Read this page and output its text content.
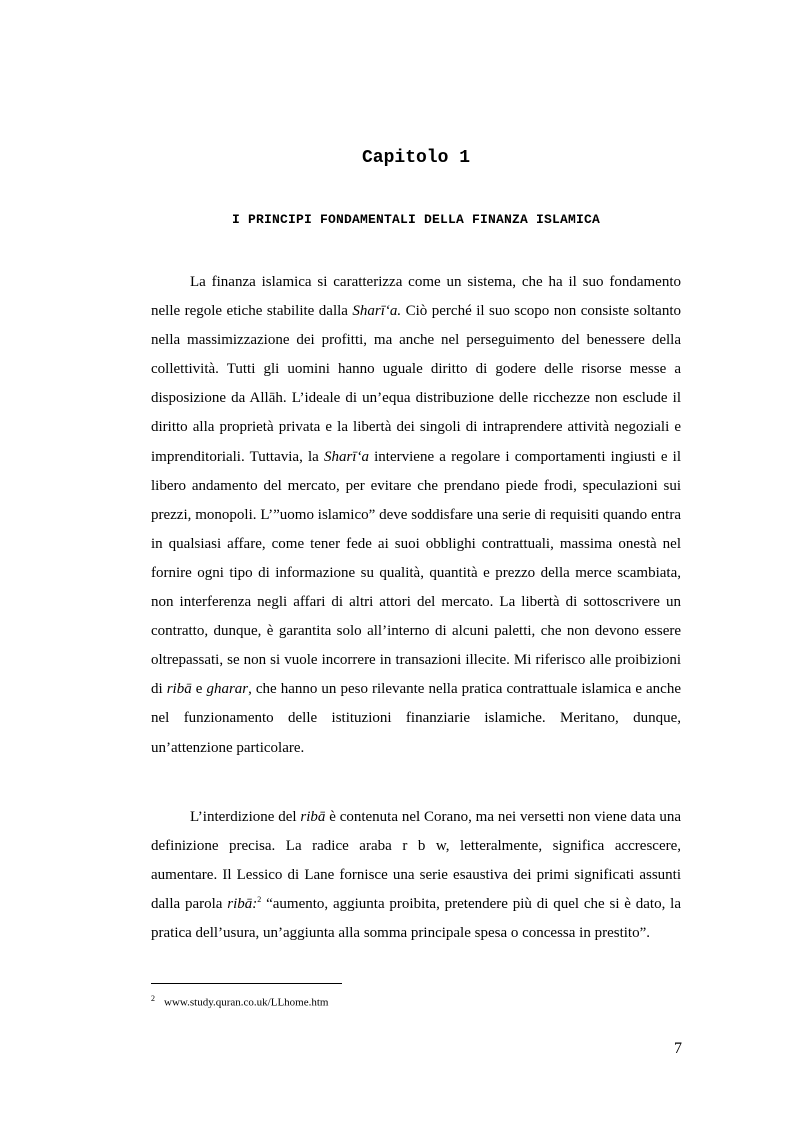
Capitolo 1
I PRINCIPI FONDAMENTALI DELLA FINANZA ISLAMICA

La finanza islamica si caratterizza come un sistema, che ha il suo fondamento nelle regole etiche stabilite dalla Sharī‘a. Ciò perché il suo scopo non consiste soltanto nella massimizzazione dei profitti, ma anche nel perseguimento del benessere della collettività. Tutti gli uomini hanno uguale diritto di godere delle risorse messe a disposizione da Allāh. L’ideale di un’equa distribuzione delle ricchezze non esclude il diritto alla proprietà privata e la libertà dei singoli di intraprendere attività negoziali e imprenditoriali. Tuttavia, la Sharī‘a interviene a regolare i comportamenti ingiusti e il libero andamento del mercato, per evitare che prendano piede frodi, speculazioni sui prezzi, monopoli. L’”uomo islamico” deve soddisfare una serie di requisiti quando entra in qualsiasi affare, come tener fede ai suoi obblighi contrattuali, massima onestà nel fornire ogni tipo di informazione su qualità, quantità e prezzo della merce scambiata, non interferenza negli affari di altri attori del mercato. La libertà di sottoscrivere un contratto, dunque, è garantita solo all’interno di alcuni paletti, che non devono essere oltrepassati, se non si vuole incorrere in transazioni illecite. Mi riferisco alle proibizioni di ribā e gharar, che hanno un peso rilevante nella pratica contrattuale islamica e anche nel funzionamento delle istituzioni finanziarie islamiche. Meritano, dunque, un’attenzione particolare.

L’interdizione del ribā è contenuta nel Corano, ma nei versetti non viene data una definizione precisa. La radice araba r b w, letteralmente, significa accrescere, aumentare. Il Lessico di Lane fornisce una serie esaustiva dei primi significati assunti dalla parola ribā:$^2$ “aumento, aggiunta proibita, pretendere più di quel che si è dato, la pratica dell’usura, un’aggiunta alla somma principale spesa o concessa in prestito”.

$^2$ www.study.quran.co.uk/LLhome.htm

7
